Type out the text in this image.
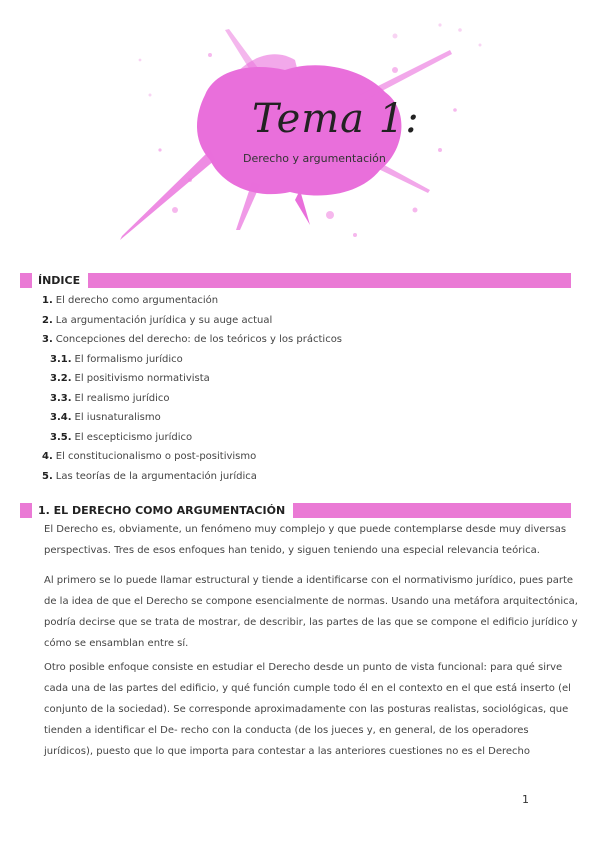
Tema 1:
Derecho y argumentación
ÍNDICE
1. El derecho como argumentación
2. La argumentación jurídica y su auge actual
3. Concepciones del derecho: de los teóricos y los prácticos
3.1. El formalismo jurídico
3.2. El positivismo normativista
3.3. El realismo jurídico
3.4. El iusnaturalismo
3.5. El escepticismo jurídico
4. El constitucionalismo o post-positivismo
5. Las teorías de la argumentación jurídica
1. EL DERECHO COMO ARGUMENTACIÓN

El Derecho es, obviamente, un fenómeno muy complejo y que puede contemplarse desde muy diversas perspectivas. Tres de esos enfoques han tenido, y siguen teniendo una especial relevancia teórica.

Al primero se lo puede llamar estructural y tiende a identificarse con el normativismo jurídico, pues parte de la idea de que el Derecho se compone esencialmente de normas. Usando una metáfora arquitectónica, podría decirse que se trata de mostrar, de describir, las partes de las que se compone el edificio jurídico y cómo se ensamblan entre sí.

Otro posible enfoque consiste en estudiar el Derecho desde un punto de vista funcional: para qué sirve cada una de las partes del edificio, y qué función cumple todo él en el contexto en el que está inserto (el conjunto de la sociedad). Se corresponde aproximadamente con las posturas realistas, sociológicas, que tienden a identificar el De- recho con la conducta (de los jueces y, en general, de los operadores jurídicos), puesto que lo que importa para contestar a las anteriores cuestiones no es el Derecho

1
